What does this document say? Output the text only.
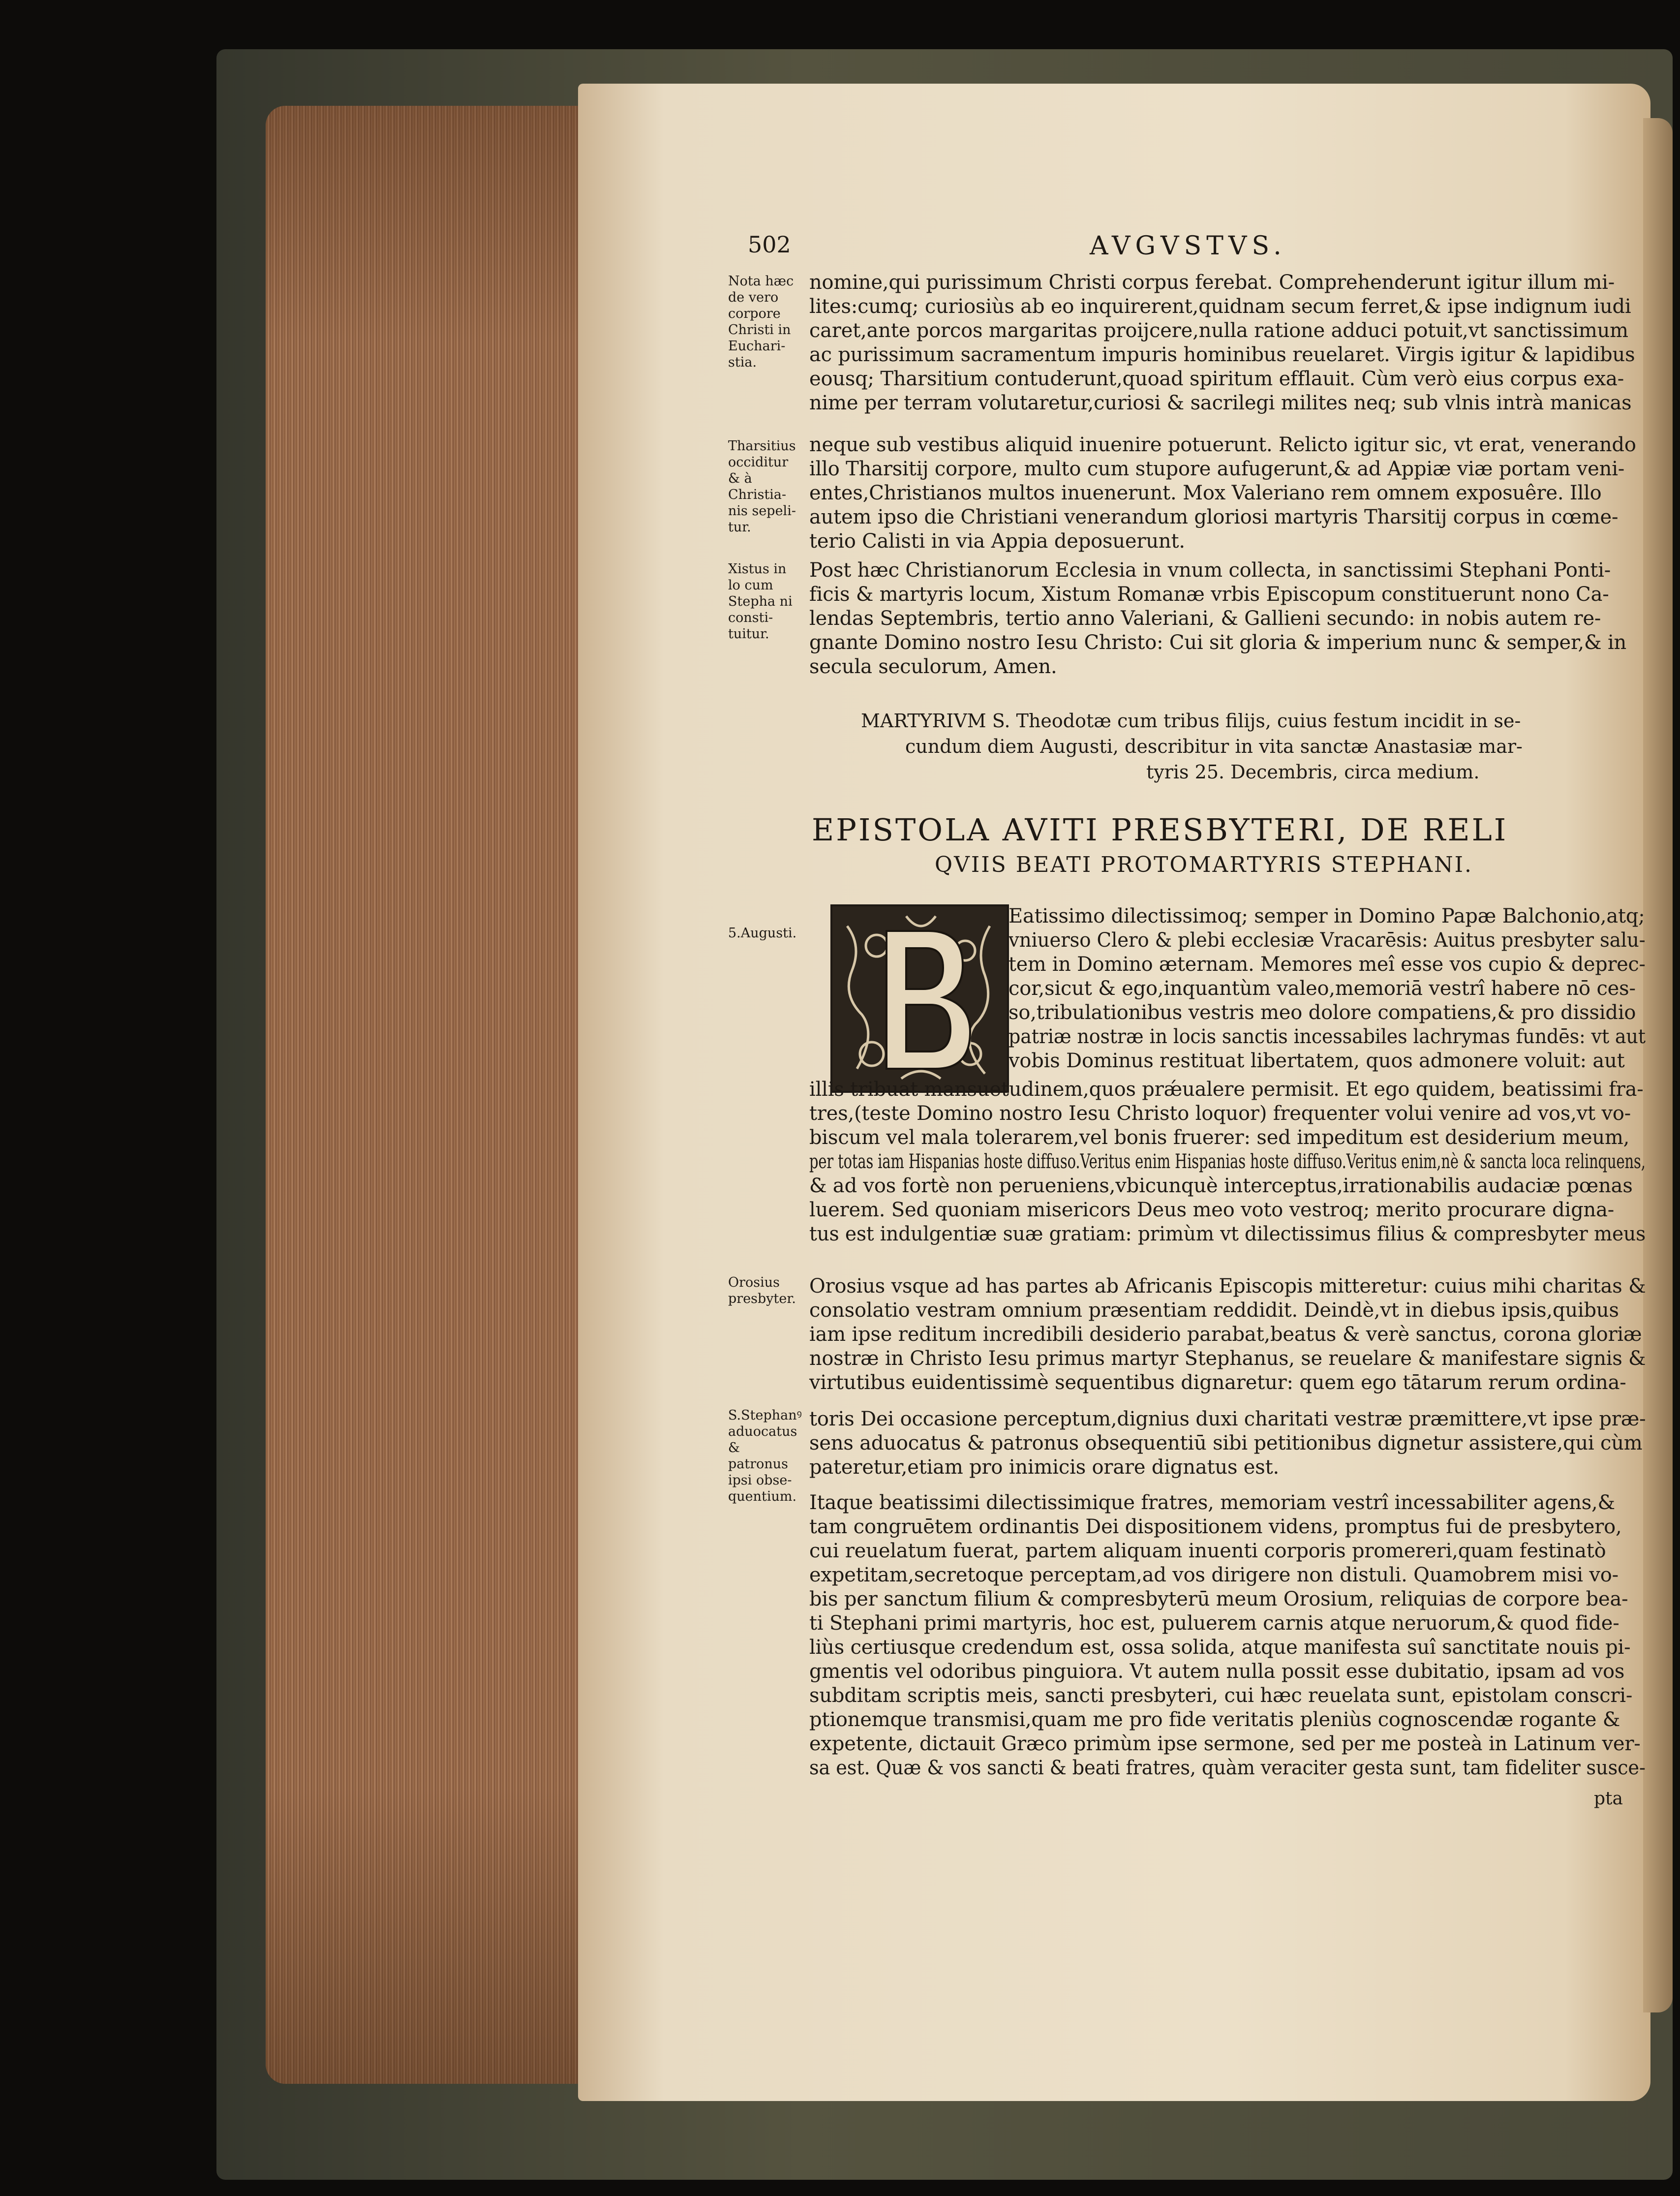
502	AVGVSTVS.
Nota hæc de vero corpore Christi in Euchari-stia.
Tharsitius occiditur & à Christia-nis sepeli-tur.
Xistus in lo cum Stepha ni consti-tuitur.
5.Augusti.
Orosius presbyter.
S.Stephanꝰ aduocatus & patronus ipsi obse-quentium.
nomine,qui purissimum Christi corpus ferebat. Comprehenderunt igitur illum mi-
lites:cumq; curiosiùs ab eo inquirerent,quidnam secum ferret,& ipse indignum iudi
caret,ante porcos margaritas proijcere,nulla ratione adduci potuit,vt sanctissimum
ac purissimum sacramentum impuris hominibus reuelaret. Virgis igitur & lapidibus
eousq; Tharsitium contuderunt,quoad spiritum efflauit. Cùm verò eius corpus exa-
nime per terram volutaretur,curiosi & sacrilegi milites neq; sub vlnis intrà manicas
neque sub vestibus aliquid inuenire potuerunt. Relicto igitur sic, vt erat, venerando
illo Tharsitij corpore, multo cum stupore aufugerunt,& ad Appiæ viæ portam veni-
entes,Christianos multos inuenerunt. Mox Valeriano rem omnem exposuêre. Illo
autem ipso die Christiani venerandum gloriosi martyris Tharsitij corpus in cœme-
terio Calisti in via Appia deposuerunt.
Post hæc Christianorum Ecclesia in vnum collecta, in sanctissimi Stephani Ponti-
ficis & martyris locum, Xistum Romanæ vrbis Episcopum constituerunt nono Ca-
lendas Septembris, tertio anno Valeriani, & Gallieni secundo: in nobis autem re-
gnante Domino nostro Iesu Christo: Cui sit gloria & imperium nunc & semper,& in
secula seculorum, Amen.
MARTYRIVM S. Theodotæ cum tribus filijs, cuius festum incidit in se-
cundum diem Augusti, describitur in vita sanctæ Anastasiæ mar-
tyris 25. Decembris, circa medium.
EPISTOLA AVITI PRESBYTERI, DE RELI
QVIIS BEATI PROTOMARTYRIS STEPHANI.
Eatissimo dilectissimoq; semper in Domino Papæ Balchonio,atq;
vniuerso Clero & plebi ecclesiæ Vracarēsis: Auitus presbyter salu-
tem in Domino æternam. Memores meî esse vos cupio & deprec-
cor,sicut & ego,inquantùm valeo,memoriā vestrî habere nō ces-
so,tribulationibus vestris meo dolore compatiens,& pro dissidio
patriæ nostræ in locis sanctis incessabiles lachrymas fundēs: vt aut
vobis Dominus restituat libertatem, quos admonere voluit: aut
illis tribuat mansuetudinem,quos prǽualere permisit. Et ego quidem, beatissimi fra-
tres,(teste Domino nostro Iesu Christo loquor) frequenter volui venire ad vos,vt vo-
biscum vel mala tolerarem,vel bonis fruerer: sed impeditum est desiderium meum,
per totas iam Hispanias hoste diffuso.Veritus enim Hispanias hoste diffuso.Veritus enim,nè & sancta loca relinquens,
& ad vos fortè non perueniens,vbicunquè interceptus,irrationabilis audaciæ pœnas
luerem. Sed quoniam misericors Deus meo voto vestroq; merito procurare digna-
tus est indulgentiæ suæ gratiam: primùm vt dilectissimus filius & compresbyter meus
Orosius vsque ad has partes ab Africanis Episcopis mitteretur: cuius mihi charitas &
consolatio vestram omnium præsentiam reddidit. Deindè,vt in diebus ipsis,quibus
iam ipse reditum incredibili desiderio parabat,beatus & verè sanctus, corona gloriæ
nostræ in Christo Iesu primus martyr Stephanus, se reuelare & manifestare signis &
virtutibus euidentissimè sequentibus dignaretur: quem ego tātarum rerum ordina-
toris Dei occasione perceptum,dignius duxi charitati vestræ præmittere,vt ipse præ-
sens aduocatus & patronus obsequentiū sibi petitionibus dignetur assistere,qui cùm
pateretur,etiam pro inimicis orare dignatus est.
Itaque beatissimi dilectissimique fratres, memoriam vestrî incessabiliter agens,&
tam congruētem ordinantis Dei dispositionem videns, promptus fui de presbytero,
cui reuelatum fuerat, partem aliquam inuenti corporis promereri,quam festinatò
expetitam,secretoque perceptam,ad vos dirigere non distuli. Quamobrem misi vo-
bis per sanctum filium & compresbyterū meum Orosium, reliquias de corpore bea-
ti Stephani primi martyris, hoc est, puluerem carnis atque neruorum,& quod fide-
liùs certiusque credendum est, ossa solida, atque manifesta suî sanctitate nouis pi-
gmentis vel odoribus pinguiora. Vt autem nulla possit esse dubitatio, ipsam ad vos
subditam scriptis meis, sancti presbyteri, cui hæc reuelata sunt, epistolam conscri-
ptionemque transmisi,quam me pro fide veritatis pleniùs cognoscendæ rogante &
expetente, dictauit Græco primùm ipse sermone, sed per me posteà in Latinum ver-
sa est. Quæ & vos sancti & beati fratres, quàm veraciter gesta sunt, tam fideliter susce-
pta
